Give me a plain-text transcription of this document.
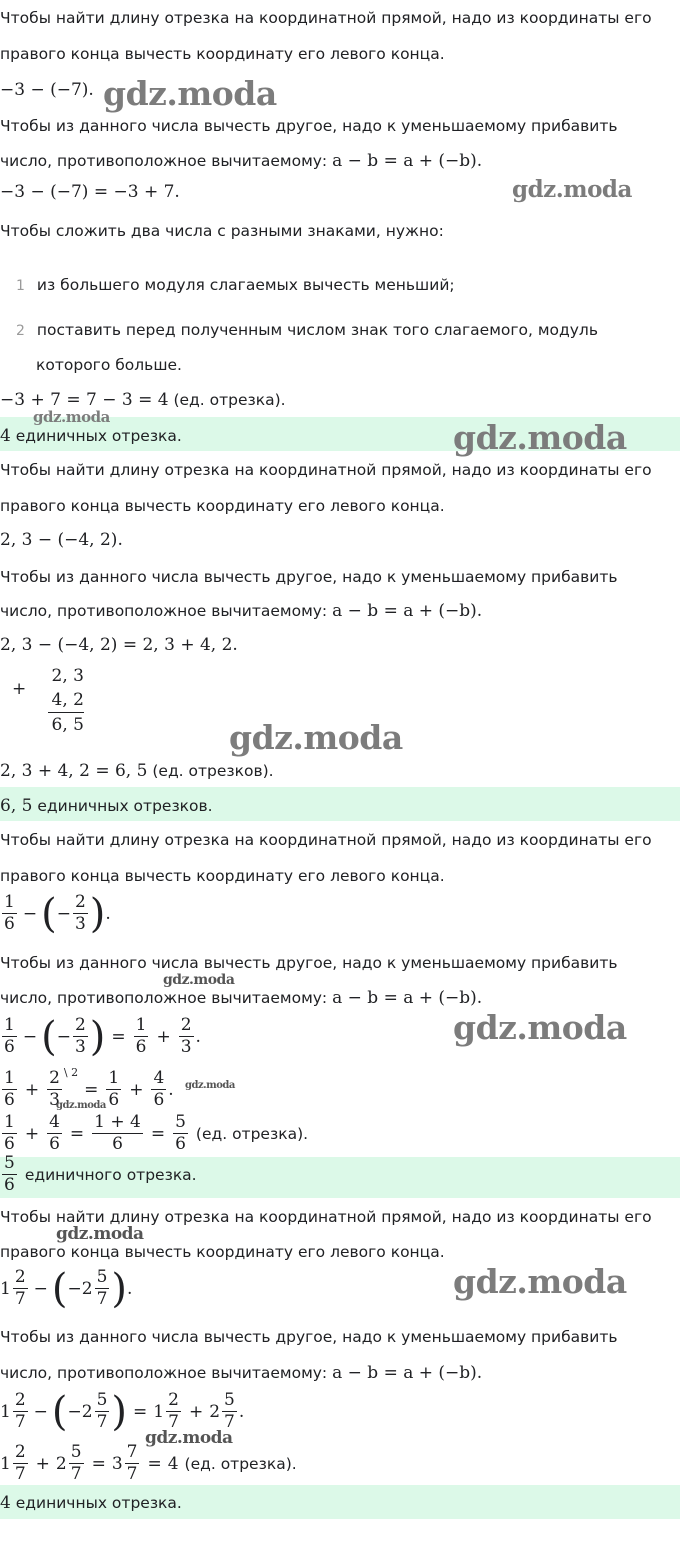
Чтобы найти длину отрезка на координатной прямой, надо из координаты его
правого конца вычесть координату его левого конца.
−3 − (−7). gdz.moda
Чтобы из данного числа вычесть другое, надо к уменьшаемому прибавить
число, противоположное вычитаемому: a − b = a + (−b).
−3 − (−7) = −3 + 7.	gdz.moda
Чтобы сложить два числа с разными знаками, нужно:
1 из большего модуля слагаемых вычесть меньший;
2 поставить перед полученным числом знак того слагаемого, модуль
которого больше.
−3 + 7 = 7 − 3 = 4 (ед. отрезка).
4 единичных отрезка.
gdz.moda
gdz.moda
Чтобы найти длину отрезка на координатной прямой, надо из координаты его
правого конца вычесть координату его левого конца.
2, 3 − (−4, 2).
Чтобы из данного числа вычесть другое, надо к уменьшаемому прибавить
число, противоположное вычитаемому: a − b = a + (−b).
2, 3 − (−4, 2) = 2, 3 + 4, 2.
+
2, 3
4, 2
6, 5	gdz.moda
2, 3 + 4, 2 = 6, 5 (ед. отрезков).
6, 5 единичных отрезков.
Чтобы найти длину отрезка на координатной прямой, надо из координаты его
правого конца вычесть координату его левого конца.
$\frac{1}{6}$ − ( − $\frac{2}{3}$ ) .
Чтобы из данного числа вычесть другое, надо к уменьшаемому прибавить
gdz.moda
число, противоположное вычитаемому: a − b = a + (−b).
$\frac{1}{6}$ − ( − $\frac{2}{3}$ ) = $\frac{1}{6} + \frac{2}{3}$ .	gdz.moda
$\frac{1}{6} + \frac{2}{3}$ \ 2
= $\frac{1}{6} + \frac{4}{6}$ .
gdz.moda
gdz.moda
$\frac{1}{6} + \frac{4}{6} = \frac{1 + 4}{6} = \frac{5}{6} (ед$. отрезка).
$\frac{5}{6}$ единичного отрезка.
Чтобы найти длину отрезка на координатной прямой, надо из координаты его
gdz.moda
правого конца вычесть координату его левого конца.
$1 \frac{2}{7}$ − ( − $2 \frac{5}{7}$ ) .	gdz.moda
Чтобы из данного числа вычесть другое, надо к уменьшаемому прибавить
число, противоположное вычитаемому: a − b = a + (−b).
$1 \frac{2}{7}$ − ( − $2 \frac{5}{7}$ ) = $1 \frac{2}{7} + 2 \frac{5}{7}$ .
gdz.moda
$1 \frac{2}{7} + 2 \frac{5}{7} = 3 \frac{7}{7} = 4$ (ед. отрезка).
4 единичных отрезка.
